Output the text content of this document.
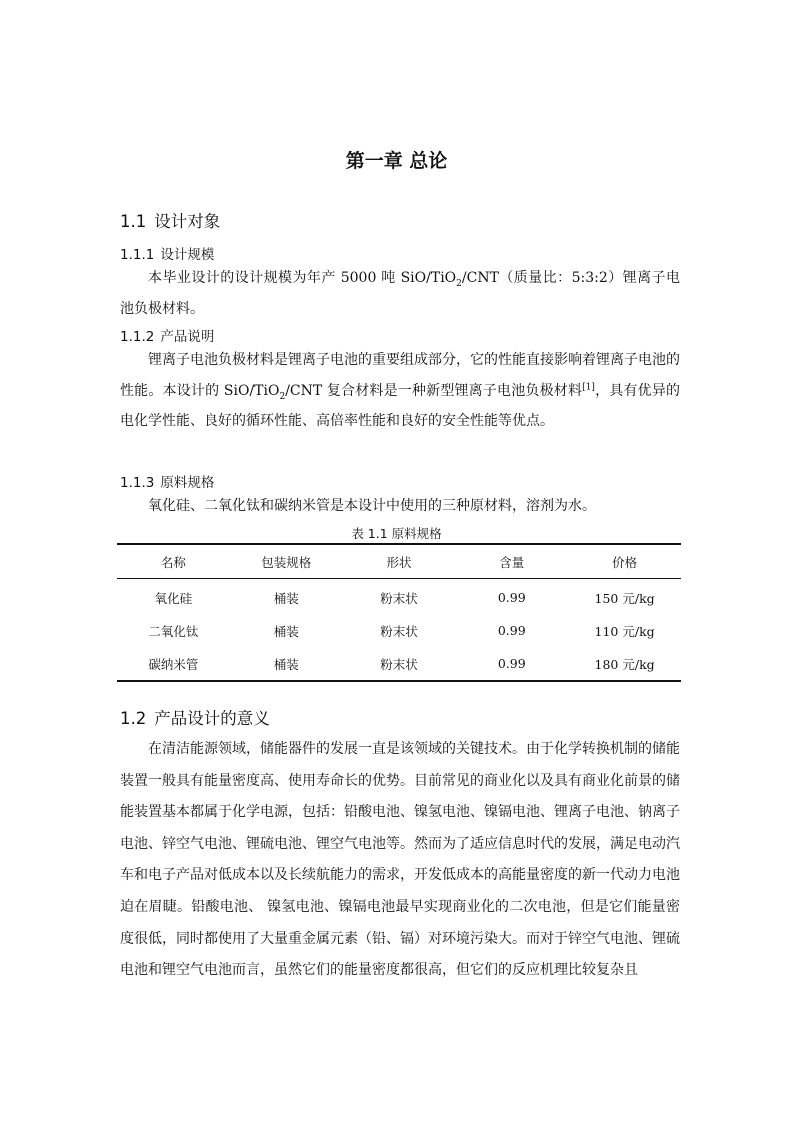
第一章 总论
1.1 设计对象
1.1.1 设计规模
本毕业设计的设计规模为年产 5000 吨 SiO/TiO$_2$/CNT（质量比：5:3:2）锂离子电池负极材料。
1.1.2 产品说明
锂离子电池负极材料是锂离子电池的重要组成部分，它的性能直接影响着锂离子电池的性能。本设计的 SiO/TiO$_2$/CNT 复合材料是一种新型锂离子电池负极材料[1]，具有优异的电化学性能、良好的循环性能、高倍率性能和良好的安全性能等优点。
1.1.3 原料规格
氧化硅、二氧化钛和碳纳米管是本设计中使用的三种原材料，溶剂为水。
表 1.1 原料规格
名称	包装规格	形状	含量	价格
氧化硅	桶装	粉末状	0.99	150 元/kg
二氧化钛	桶装	粉末状	0.99	110 元/kg
碳纳米管	桶装	粉末状	0.99	180 元/kg
1.2 产品设计的意义
在清洁能源领域，储能器件的发展一直是该领域的关键技术。由于化学转换机制的储能装置一般具有能量密度高、使用寿命长的优势。目前常见的商业化以及具有商业化前景的储能装置基本都属于化学电源，包括：铅酸电池、镍氢电池、镍镉电池、锂离子电池、钠离子电池、锌空气电池、锂硫电池、锂空气电池等。然而为了适应信息时代的发展，满足电动汽车和电子产品对低成本以及长续航能力的需求，开发低成本的高能量密度的新一代动力电池迫在眉睫。铅酸电池、 镍氢电池、镍镉电池最早实现商业化的二次电池，但是它们能量密度很低，同时都使用了大量重金属元素（铅、镉）对环境污染大。而对于锌空气电池、锂硫电池和锂空气电池而言，虽然它们的能量密度都很高，但它们的反应机理比较复杂且
